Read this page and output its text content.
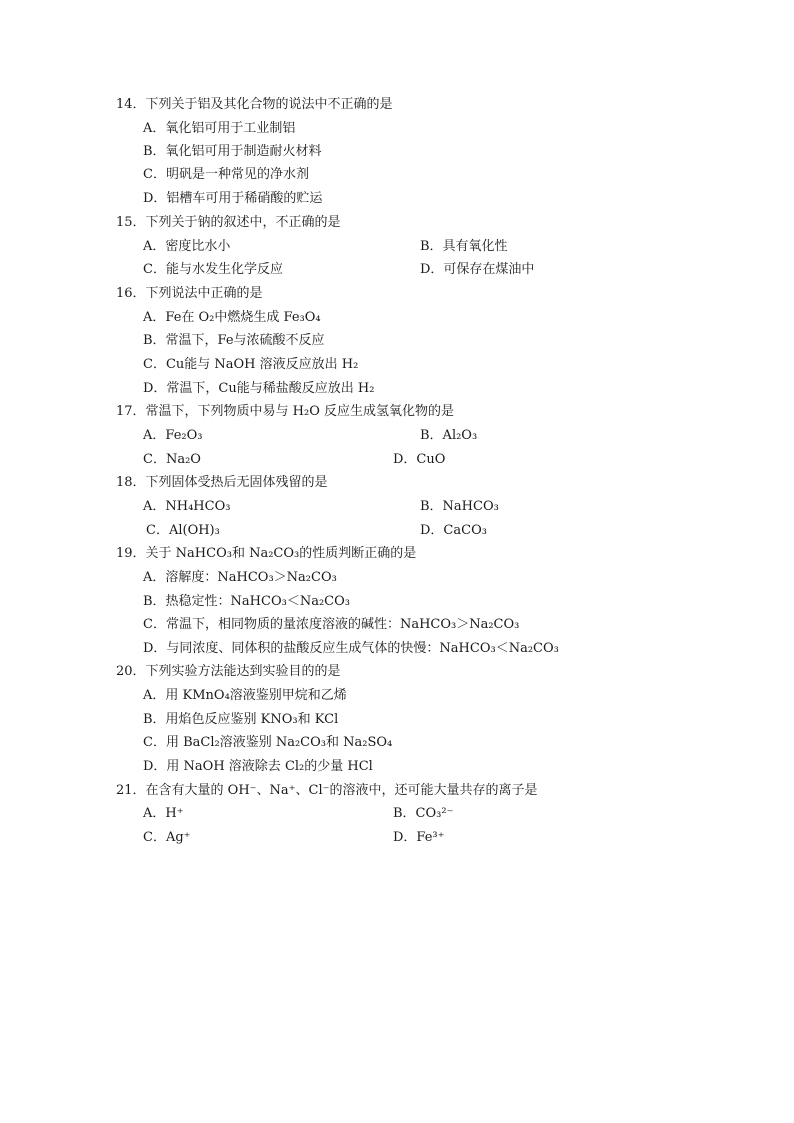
14．下列关于铝及其化合物的说法中不正确的是
A．氧化铝可用于工业制铝
B．氧化铝可用于制造耐火材料
C．明矾是一种常见的净水剂
D．铝槽车可用于稀硝酸的贮运
15．下列关于钠的叙述中，不正确的是
A．密度比水小	B．具有氧化性
C．能与水发生化学反应	D．可保存在煤油中
16．下列说法中正确的是
A．Fe在 O₂中燃烧生成 Fe₃O₄
B．常温下，Fe与浓硫酸不反应
C．Cu能与 NaOH 溶液反应放出 H₂
D．常温下，Cu能与稀盐酸反应放出 H₂
17．常温下，下列物质中易与 H₂O 反应生成氢氧化物的是
A．Fe₂O₃	B．Al₂O₃
C．Na₂O	D．CuO
18．下列固体受热后无固体残留的是
A．NH₄HCO₃	B．NaHCO₃
C．Al(OH)₃	D．CaCO₃
19．关于 NaHCO₃和 Na₂CO₃的性质判断正确的是
A．溶解度：NaHCO₃＞Na₂CO₃
B．热稳定性：NaHCO₃＜Na₂CO₃
C．常温下，相同物质的量浓度溶液的碱性：NaHCO₃＞Na₂CO₃
D．与同浓度、同体积的盐酸反应生成气体的快慢：NaHCO₃＜Na₂CO₃
20．下列实验方法能达到实验目的的是
A．用 KMnO₄溶液鉴别甲烷和乙烯
B．用焰色反应鉴别 KNO₃和 KCl
C．用 BaCl₂溶液鉴别 Na₂CO₃和 Na₂SO₄
D．用 NaOH 溶液除去 Cl₂的少量 HCl
21．在含有大量的 OH⁻、Na⁺、Cl⁻的溶液中，还可能大量共存的离子是
A．H⁺	B．CO₃²⁻
C．Ag⁺	D．Fe³⁺
